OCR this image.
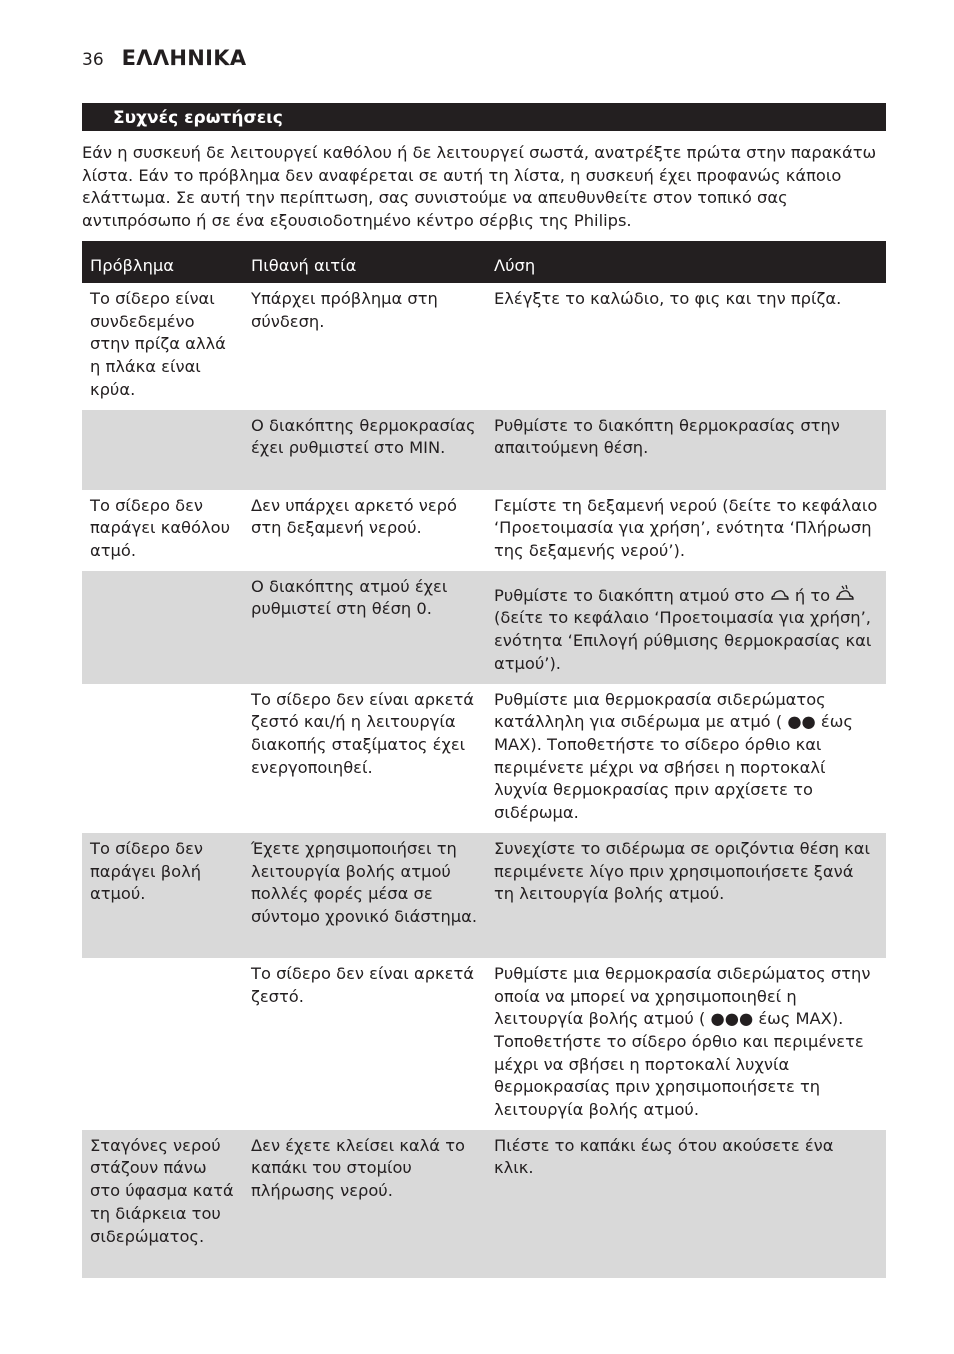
36 ΕΛΛΗΝΙΚΑ
Συχνές ερωτήσεις
Εάν η συσκευή δε λειτουργεί καθόλου ή δε λειτουργεί σωστά, ανατρέξτε πρώτα στην παρακάτω λίστα. Εάν το πρόβλημα δεν αναφέρεται σε αυτή τη λίστα, η συσκευή έχει προφανώς κάποιο ελάττωμα. Σε αυτή την περίπτωση, σας συνιστούμε να απευθυνθείτε στον τοπικό σας αντιπρόσωπο ή σε ένα εξουσιοδοτημένο κέντρο σέρβις της Philips.
Πρόβλημα	Πιθανή αιτία	Λύση
Το σίδερο είναι συνδεδεμένο στην πρίζα αλλά η πλάκα είναι κρύα.	Υπάρχει πρόβλημα στη σύνδεση.	Ελέγξτε το καλώδιο, το φις και την πρίζα.
	Ο διακόπτης θερμοκρασίας έχει ρυθμιστεί στο MIN.	Ρυθμίστε το διακόπτη θερμοκρασίας στην απαιτούμενη θέση.
Το σίδερο δεν παράγει καθόλου ατμό.	Δεν υπάρχει αρκετό νερό στη δεξαμενή νερού.	Γεμίστε τη δεξαμενή νερού (δείτε το κεφάλαιο ‘Προετοιμασία για χρήση’, ενότητα ‘Πλήρωση της δεξαμενής νερού’).
	Ο διακόπτης ατμού έχει ρυθμιστεί στη θέση 0.	Ρυθμίστε το διακόπτη ατμού στο ή το  (δείτε το κεφάλαιο ‘Προετοιμασία για χρήση’, ενότητα ‘Επιλογή ρύθμισης θερμοκρασίας και ατμού’).
	Το σίδερο δεν είναι αρκετά ζεστό και/ή η λειτουργία διακοπής σταξίματος έχει ενεργοποιηθεί.	Ρυθμίστε μια θερμοκρασία σιδερώματος κατάλληλη για σιδέρωμα με ατμό ( ●● έως MAX). Τοποθετήστε το σίδερο όρθιο και περιμένετε μέχρι να σβήσει η πορτοκαλί λυχνία θερμοκρασίας πριν αρχίσετε το σιδέρωμα.
Το σίδερο δεν παράγει βολή ατμού.	Έχετε χρησιμοποιήσει τη λειτουργία βολής ατμού πολλές φορές μέσα σε σύντομο χρονικό διάστημα.	Συνεχίστε το σιδέρωμα σε οριζόντια θέση και περιμένετε λίγο πριν χρησιμοποιήσετε ξανά τη λειτουργία βολής ατμού.
	Το σίδερο δεν είναι αρκετά ζεστό.	Ρυθμίστε μια θερμοκρασία σιδερώματος στην οποία να μπορεί να χρησιμοποιηθεί η λειτουργία βολής ατμού ( ●●● έως MAX). Τοποθετήστε το σίδερο όρθιο και περιμένετε μέχρι να σβήσει η πορτοκαλί λυχνία θερμοκρασίας πριν χρησιμοποιήσετε τη λειτουργία βολής ατμού.
Σταγόνες νερού στάζουν πάνω στο ύφασμα κατά τη διάρκεια του σιδερώματος.	Δεν έχετε κλείσει καλά το καπάκι του στομίου πλήρωσης νερού.	Πιέστε το καπάκι έως ότου ακούσετε ένα κλικ.
